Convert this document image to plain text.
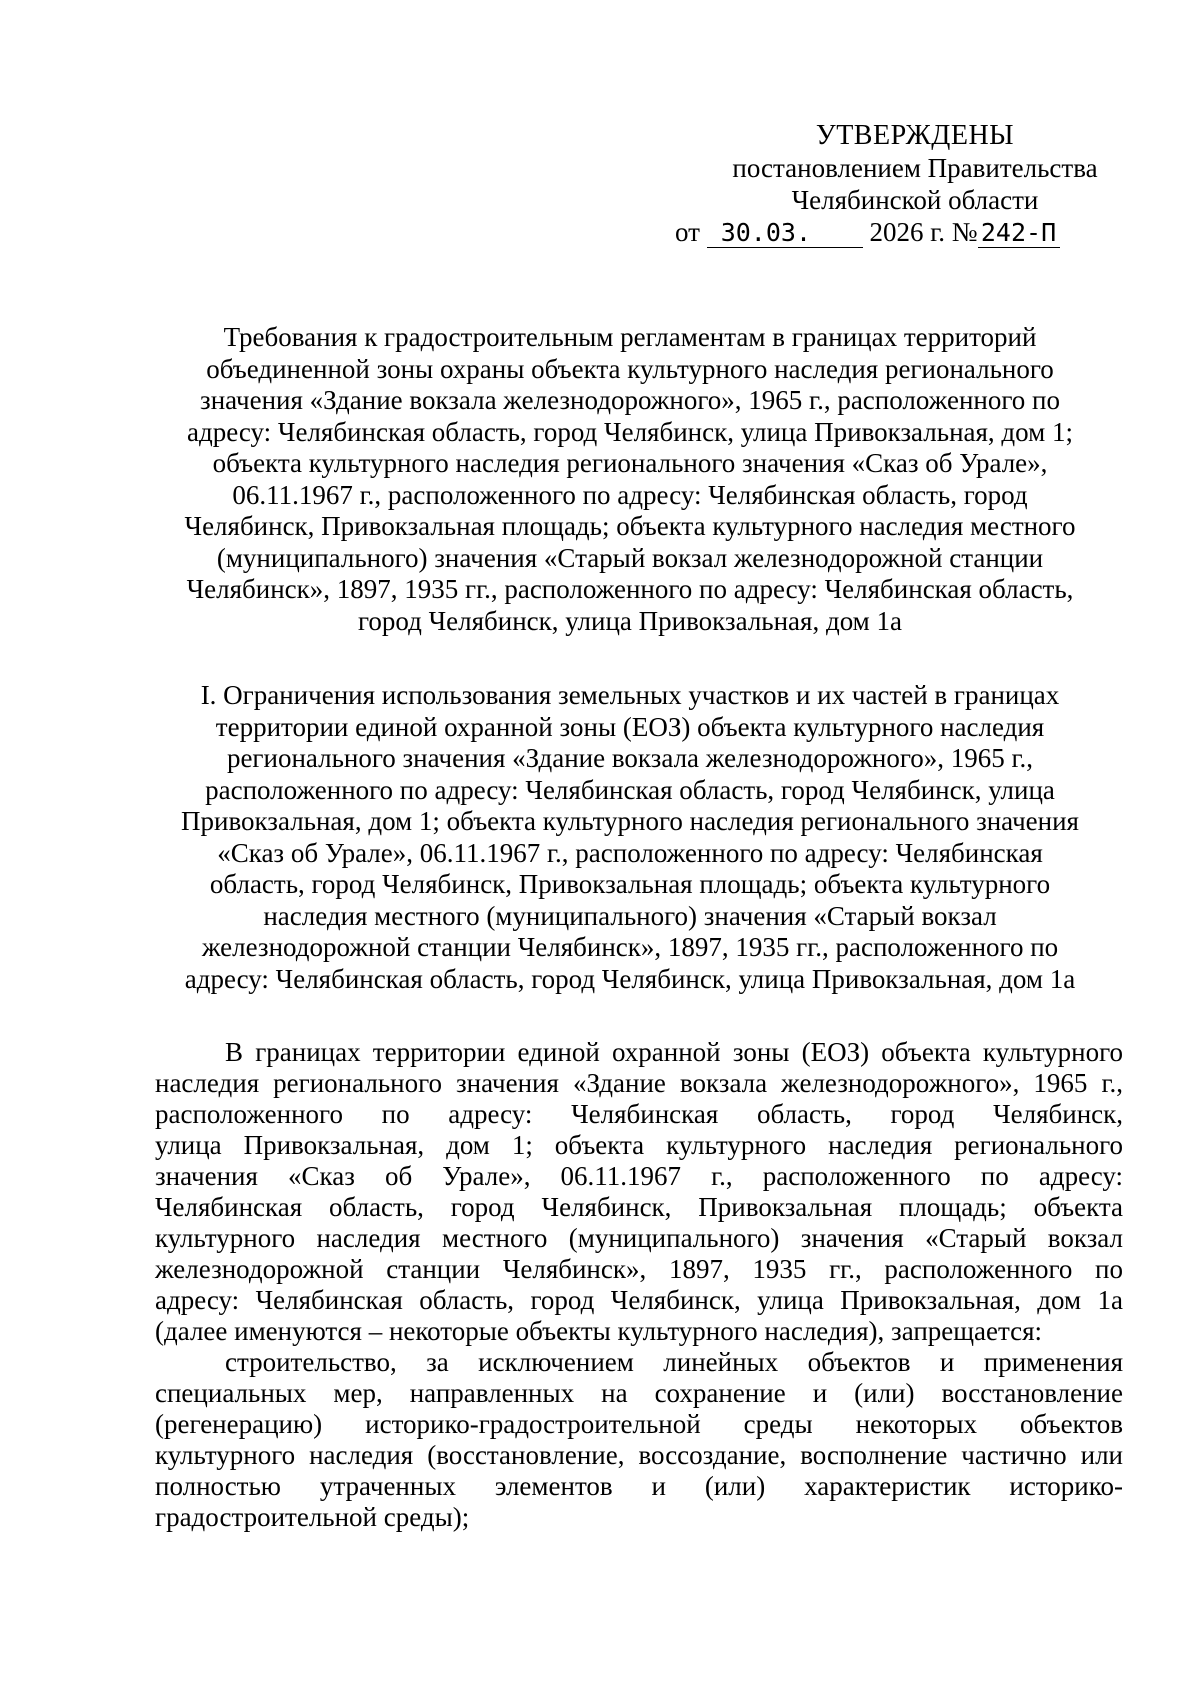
УТВЕРЖДЕНЫ
постановлением Правительства
Челябинской области
от 30.03. 2026 г. № 242-П
Требования к градостроительным регламентам в границах территорий
объединенной зоны охраны объекта культурного наследия регионального
значения «Здание вокзала железнодорожного», 1965 г., расположенного по
адресу: Челябинская область, город Челябинск, улица Привокзальная, дом 1;
объекта культурного наследия регионального значения «Сказ об Урале»,
06.11.1967 г., расположенного по адресу: Челябинская область, город
Челябинск, Привокзальная площадь; объекта культурного наследия местного
(муниципального) значения «Старый вокзал железнодорожной станции
Челябинск», 1897, 1935 гг., расположенного по адресу: Челябинская область,
город Челябинск, улица Привокзальная, дом 1а
I. Ограничения использования земельных участков и их частей в границах
территории единой охранной зоны (ЕОЗ) объекта культурного наследия
регионального значения «Здание вокзала железнодорожного», 1965 г.,
расположенного по адресу: Челябинская область, город Челябинск, улица
Привокзальная, дом 1; объекта культурного наследия регионального значения
«Сказ об Урале», 06.11.1967 г., расположенного по адресу: Челябинская
область, город Челябинск, Привокзальная площадь; объекта культурного
наследия местного (муниципального) значения «Старый вокзал
железнодорожной станции Челябинск», 1897, 1935 гг., расположенного по
адресу: Челябинская область, город Челябинск, улица Привокзальная, дом 1а
В границах территории единой охранной зоны (ЕОЗ) объекта культурного
наследия регионального значения «Здание вокзала железнодорожного», 1965 г.,
расположенного по адресу: Челябинская область, город Челябинск,
улица Привокзальная, дом 1; объекта культурного наследия регионального
значения «Сказ об Урале», 06.11.1967 г., расположенного по адресу:
Челябинская область, город Челябинск, Привокзальная площадь; объекта
культурного наследия местного (муниципального) значения «Старый вокзал
железнодорожной станции Челябинск», 1897, 1935 гг., расположенного по
адресу: Челябинская область, город Челябинск, улица Привокзальная, дом 1а
(далее именуются – некоторые объекты культурного наследия), запрещается:
строительство, за исключением линейных объектов и применения
специальных мер, направленных на сохранение и (или) восстановление
(регенерацию) историко-градостроительной среды некоторых объектов
культурного наследия (восстановление, воссоздание, восполнение частично или
полностью утраченных элементов и (или) характеристик историко-
градостроительной среды);
